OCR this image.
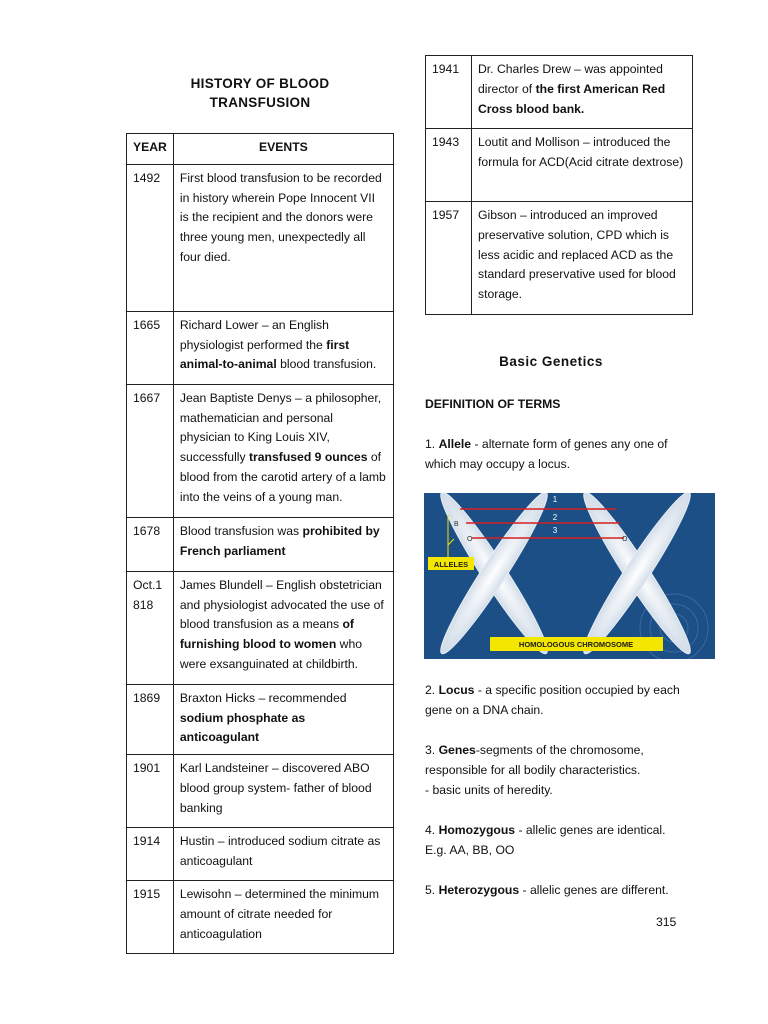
HISTORY OF BLOOD
TRANSFUSION
YEAR	EVENTS
1492	First blood transfusion to be recorded in history wherein Pope Innocent VII is the recipient and the donors were three young men, unexpectedly all four died.
1665	Richard Lower – an English physiologist performed the first animal-to-animal blood transfusion.
1667	Jean Baptiste Denys – a philosopher, mathematician and personal physician to King Louis XIV, successfully transfused 9 ounces of blood from the carotid artery of a lamb into the veins of a young man.
1678	Blood transfusion was prohibited by French parliament
Oct.1 818	James Blundell – English obstetrician and physiologist advocated the use of blood transfusion as a means of furnishing blood to women who were exsanguinated at childbirth.
1869	Braxton Hicks – recommended sodium phosphate as anticoagulant
1901	Karl Landsteiner – discovered ABO blood group system- father of blood banking
1914	Hustin – introduced sodium citrate as anticoagulant
1915	Lewisohn – determined the minimum amount of citrate needed for anticoagulation
1941	Dr. Charles Drew – was appointed director of the first American Red Cross blood bank.
1943	Loutit and Mollison – introduced the formula for ACD(Acid citrate dextrose)
1957	Gibson – introduced an improved preservative solution, CPD which is less acidic and replaced ACD as the standard preservative used for blood storage.
Basic Genetics
DEFINITION OF TERMS
1. Allele - alternate form of genes any one of which may occupy a locus.
1
2
3
B
O	O
ALLELES
HOMOLOGOUS CHROMOSOME
2. Locus - a specific position occupied by each gene on a DNA chain.
3. Genes-segments of the chromosome, responsible for all bodily characteristics.
- basic units of heredity.
4. Homozygous - allelic genes are identical.
E.g. AA, BB, OO
5. Heterozygous - allelic genes are different.
315
